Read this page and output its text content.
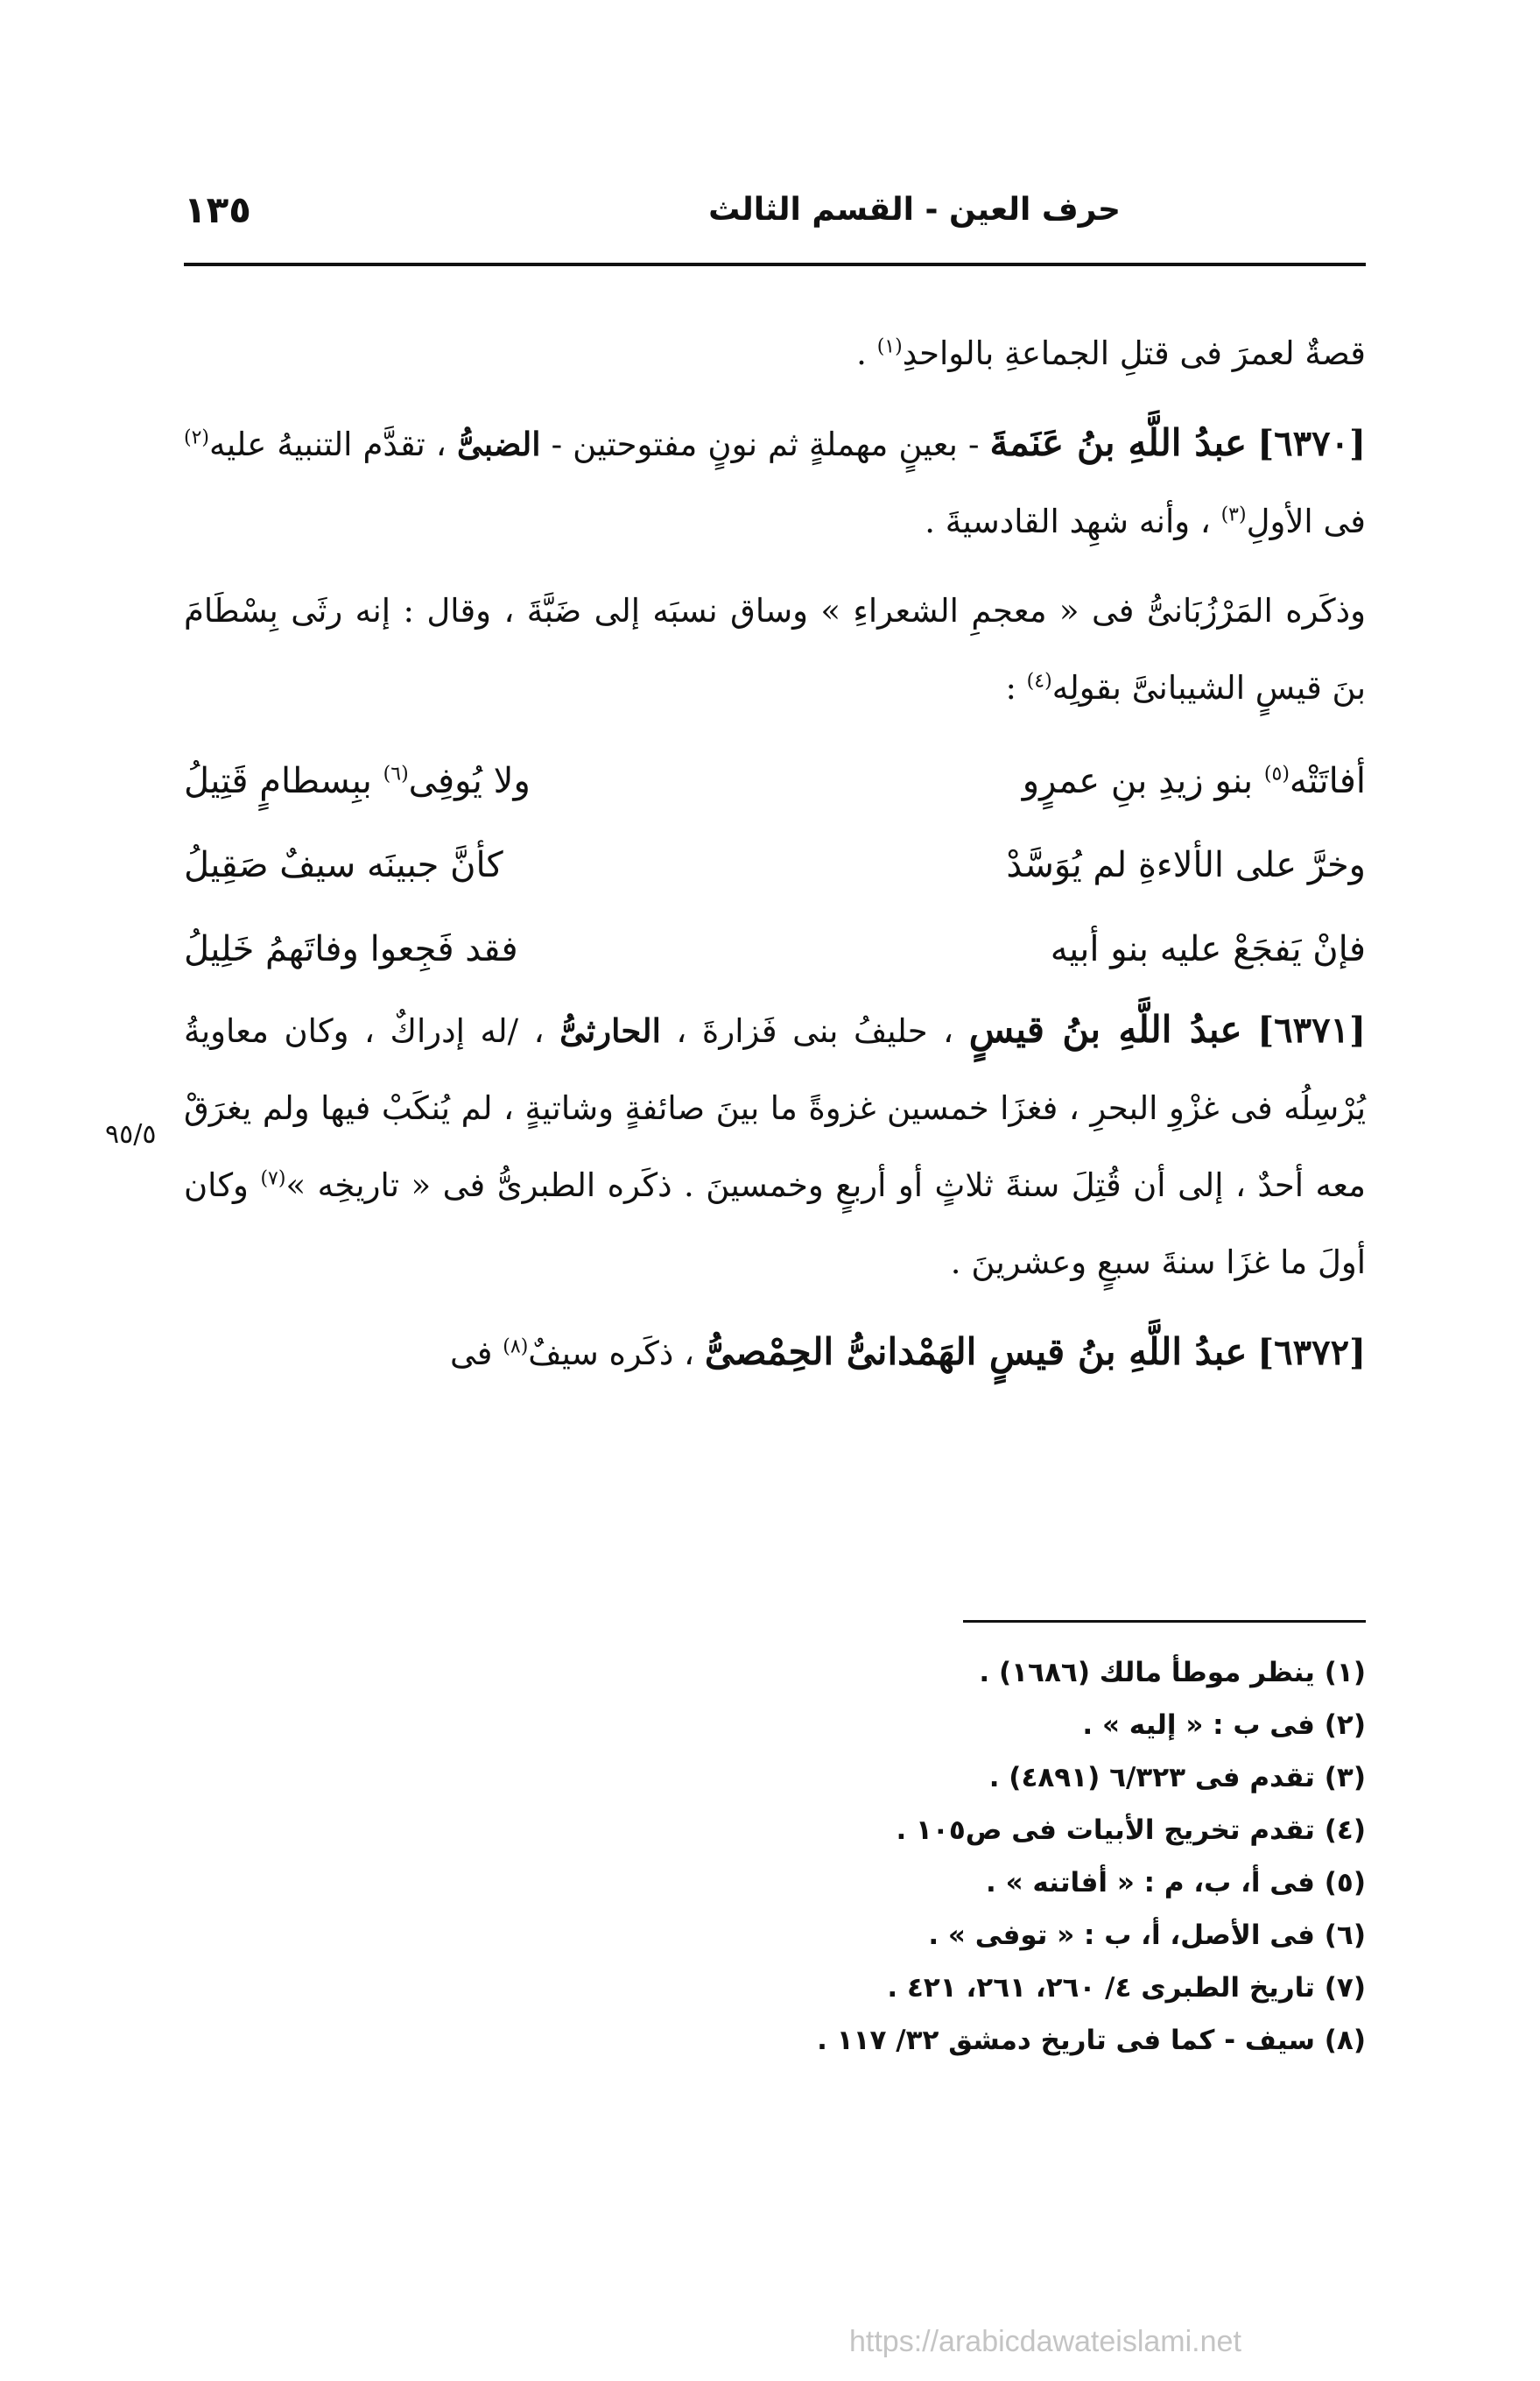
حرف العين - القسم الثالث
١٣٥

قصةٌ لعمرَ فى قتلِ الجماعةِ بالواحدِ$^{(١)}$ .

[٦٣٧٠] عبدُ اللَّهِ بنُ عَنَمةَ - بعينٍ مهملةٍ ثم نونٍ مفتوحتين - الضبىُّ ، تقدَّم التنبيهُ عليه$^{(٢)}$ فى الأولِ$^{(٣)}$ ، وأنه شهِد القادسيةَ .

وذكَره المَرْزُبَانىُّ فى « معجمِ الشعراءِ » وساق نسبَه إلى ضَبَّةَ ، وقال : إنه رثَى بِسْطَامَ بنَ قيسٍ الشيبانىَّ بقولِه$^{(٤)}$ :

أفاتَتْه$^{(٥)}$ بنو زيدِ بنِ عمرٍو
ولا يُوفِى$^{(٦)}$ ببِسطامٍ قَتِيلُ
وخرَّ على الألاءةِ لم يُوَسَّدْ
كأنَّ جبينَه سيفٌ صَقِيلُ
فإنْ يَفجَعْ عليه بنو أبيه
فقد فَجِعوا وفاتَهمُ خَلِيلُ

[٦٣٧١] عبدُ اللَّهِ بنُ قيسٍ ، حليفُ بنى فَزارةَ ، الحارثىُّ ، /له إدراكٌ ، وكان معاويةُ يُرْسِلُه فى غزْوِ البحرِ ، فغزَا خمسين غزوةً ما بينَ صائفةٍ وشاتيةٍ ، لم يُنكَبْ فيها ولم يغرَقْ معه أحدٌ ، إلى أن قُتِلَ سنةَ ثلاثٍ أو أربعٍ وخمسينَ . ذكَره الطبرىُّ فى « تاريخِه »$^{(٧)}$ وكان أولَ ما غزَا سنةَ سبعٍ وعشرينَ .

[٦٣٧٢] عبدُ اللَّهِ بنُ قيسٍ الهَمْدانىُّ الحِمْصىُّ ، ذكَره سيفٌ$^{(٨)}$ فى

٩٥/٥
(١) ينظر موطأ مالك (١٦٨٦) .
(٢) فى ب : « إليه » .
(٣) تقدم فى ٦/٣٢٣ (٤٨٩١) .
(٤) تقدم تخريج الأبيات فى ص١٠٥ .
(٥) فى أ، ب، م : « أفاتنه » .
(٦) فى الأصل، أ، ب : « توفى » .
(٧) تاريخ الطبرى ٤/ ٢٦٠، ٢٦١، ٤٢١ .
(٨) سيف - كما فى تاريخ دمشق ٣٢/ ١١٧ .
https://arabicdawateislami.net
